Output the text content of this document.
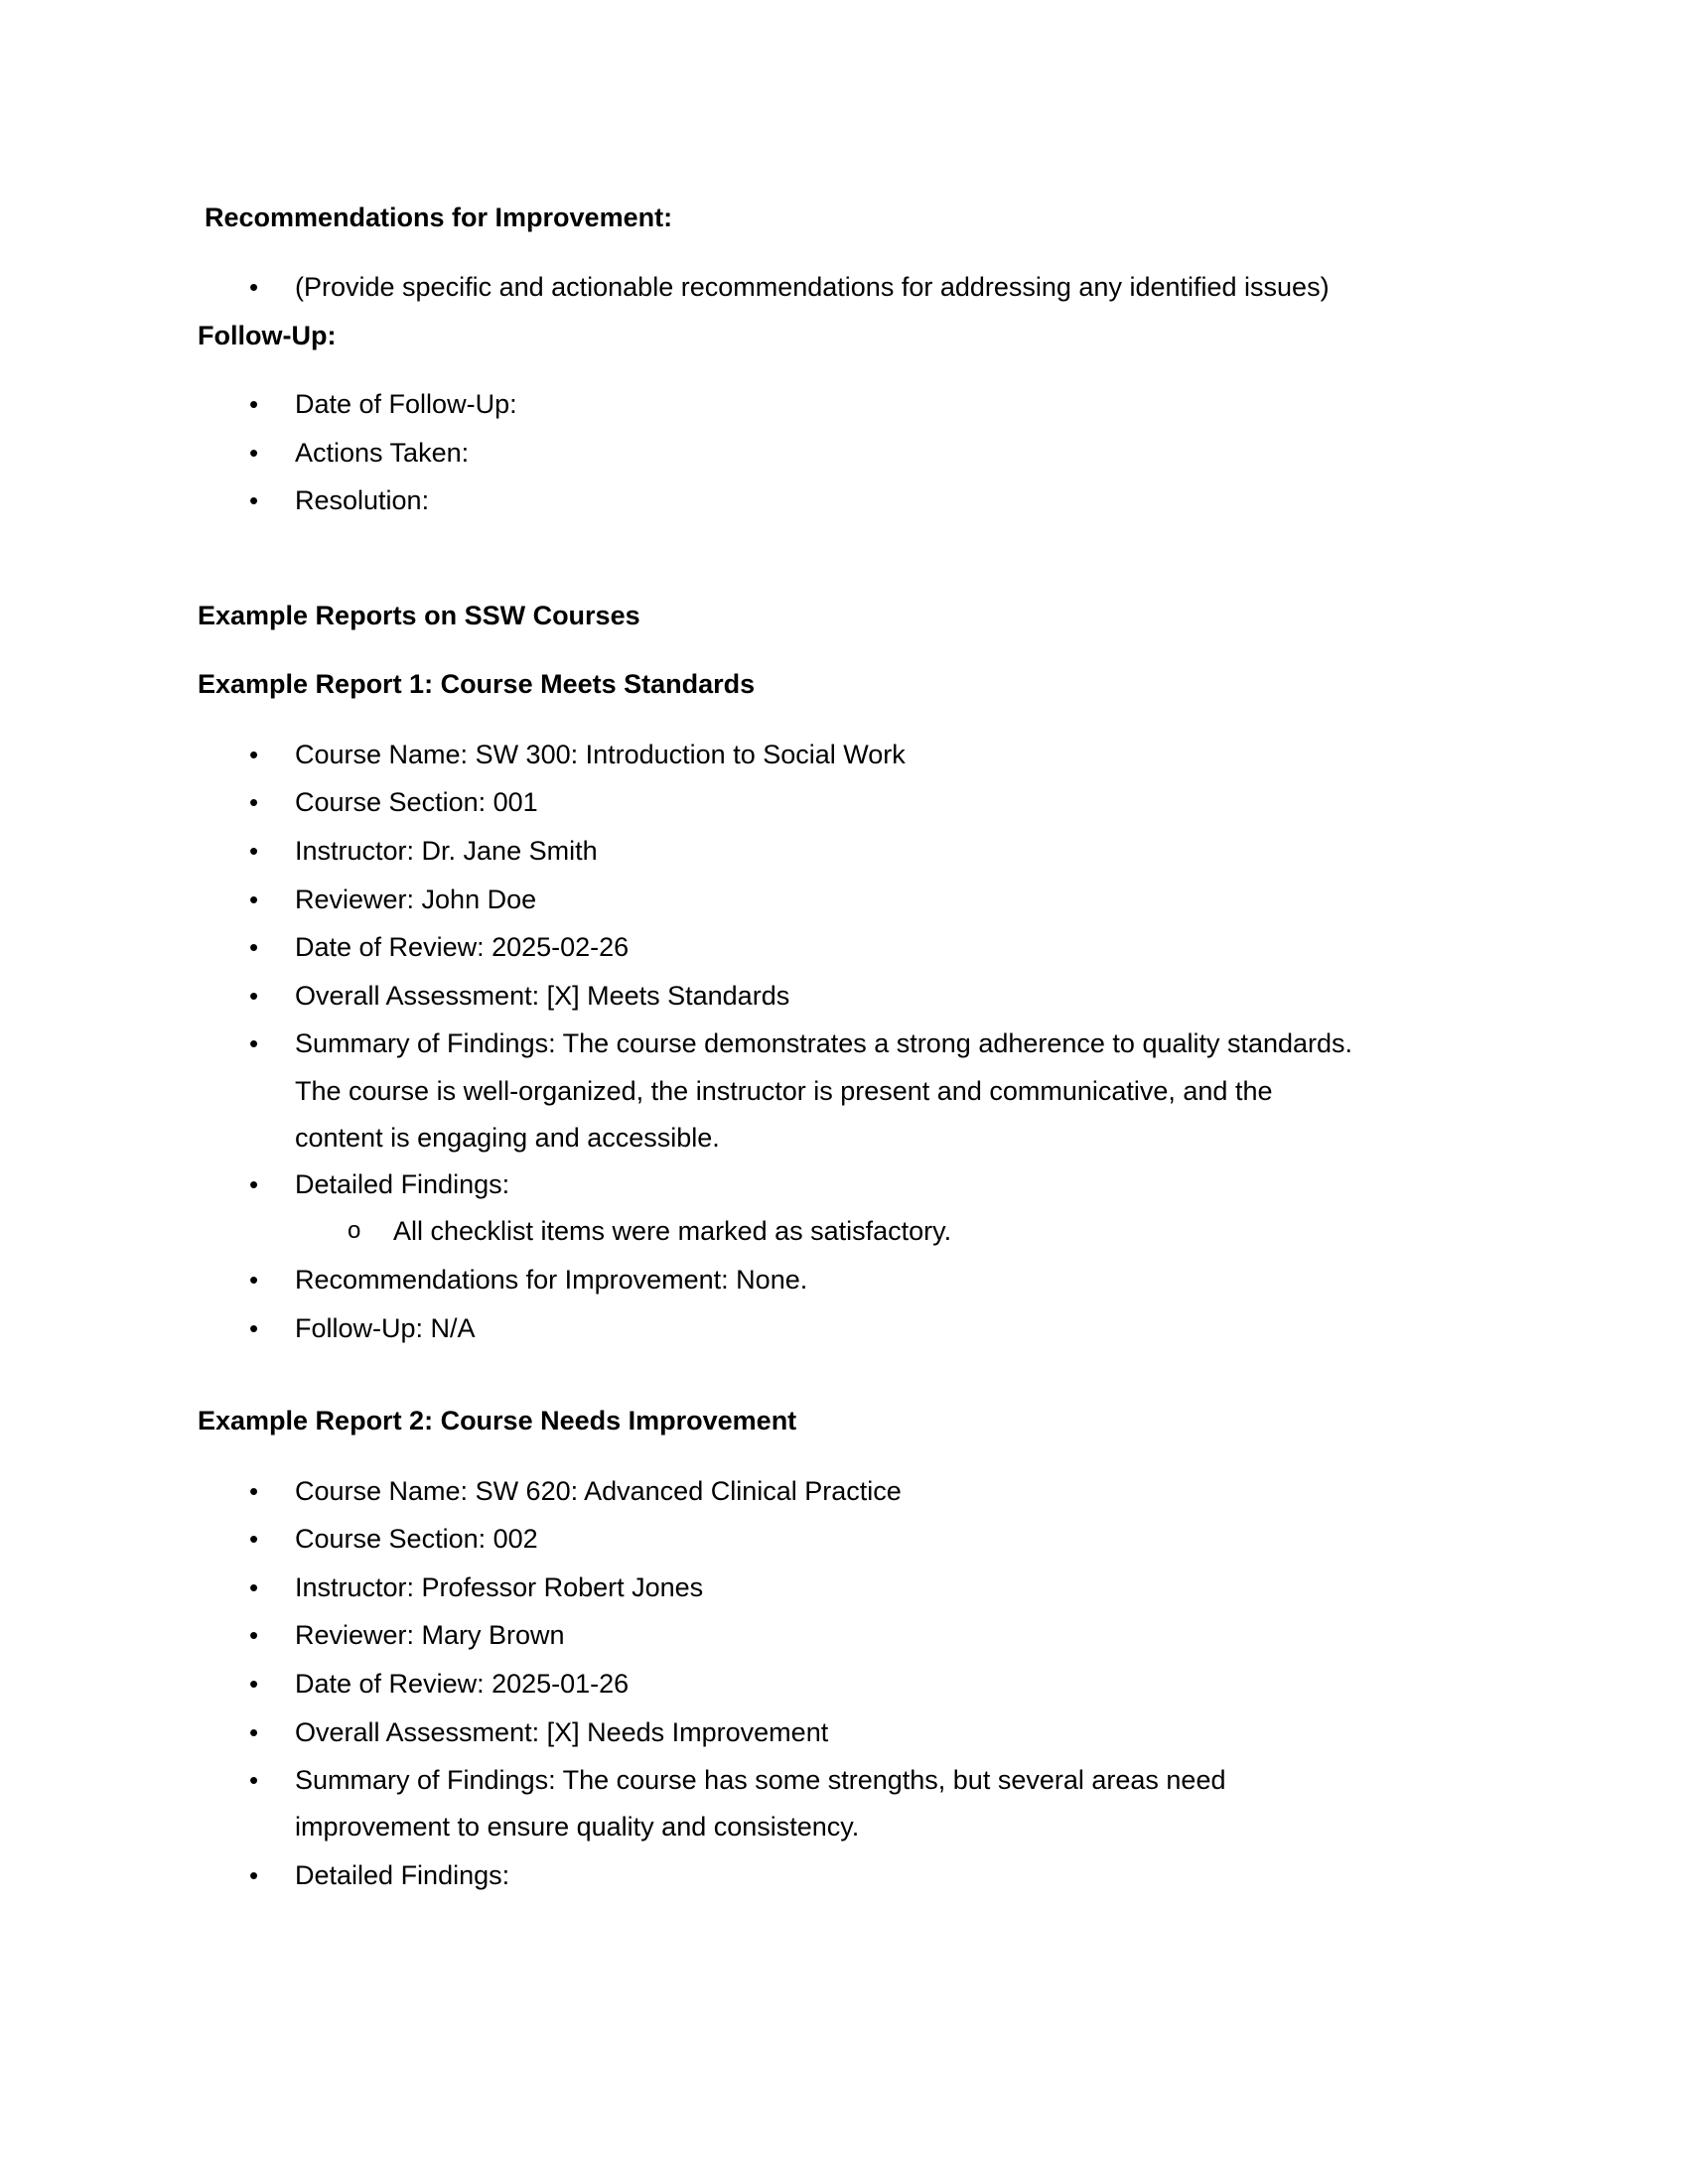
Recommendations for Improvement:
• (Provide specific and actionable recommendations for addressing any identified issues)
Follow-Up:
• Date of Follow-Up:
• Actions Taken:
• Resolution:
Example Reports on SSW Courses
Example Report 1: Course Meets Standards
• Course Name: SW 300: Introduction to Social Work
• Course Section: 001
• Instructor: Dr. Jane Smith
• Reviewer: John Doe
• Date of Review: 2025-02-26
• Overall Assessment: [X] Meets Standards
• Summary of Findings: The course demonstrates a strong adherence to quality standards.
The course is well-organized, the instructor is present and communicative, and the
content is engaging and accessible.
• Detailed Findings:
o All checklist items were marked as satisfactory.
• Recommendations for Improvement: None.
• Follow-Up: N/A
Example Report 2: Course Needs Improvement
• Course Name: SW 620: Advanced Clinical Practice
• Course Section: 002
• Instructor: Professor Robert Jones
• Reviewer: Mary Brown
• Date of Review: 2025-01-26
• Overall Assessment: [X] Needs Improvement
• Summary of Findings: The course has some strengths, but several areas need
improvement to ensure quality and consistency.
• Detailed Findings:
